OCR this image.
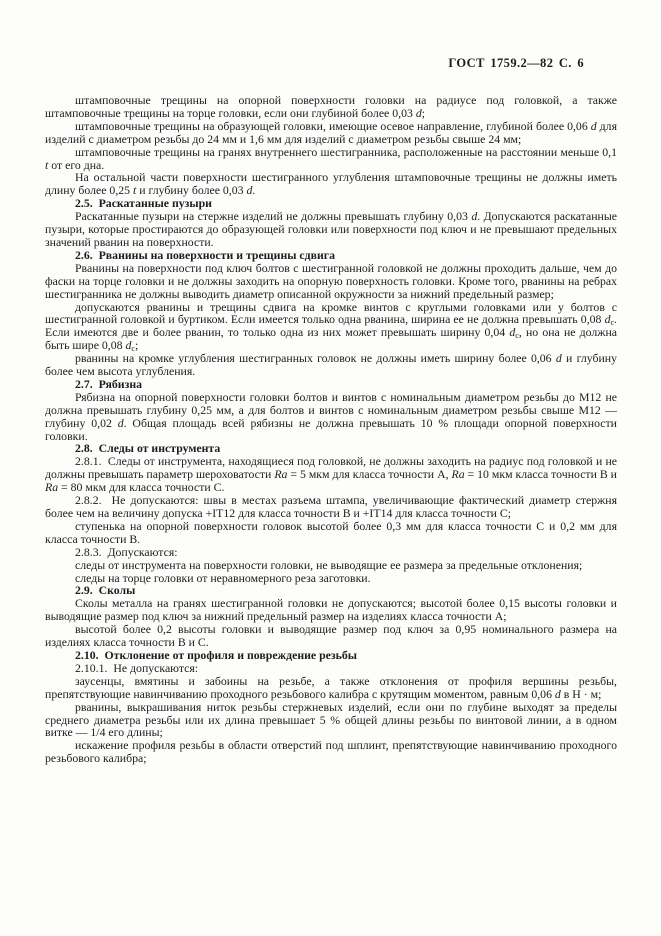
ГОСТ 1759.2—82 С. 6

штамповочные трещины на опорной поверхности головки на радиусе под головкой, а также штамповочные трещины на торце головки, если они глубиной более 0,03 d;

штамповочные трещины на образующей головки, имеющие осевое направление, глубиной более 0,06 d для изделий с диаметром резьбы до 24 мм и 1,6 мм для изделий с диаметром резьбы свыше 24 мм;

штамповочные трещины на гранях внутреннего шестигранника, расположенные на расстоянии меньше 0,1 t от его дна.

На остальной части поверхности шестигранного углубления штамповочные трещины не должны иметь длину более 0,25 t и глубину более 0,03 d.

2.5.  Раскатанные пузыри

Раскатанные пузыри на стержне изделий не должны превышать глубину 0,03 d. Допускаются раскатанные пузыри, которые простираются до образующей головки или поверхности под ключ и не превышают предельных значений рванин на поверхности.

2.6.  Рванины на поверхности и трещины сдвига

Рванины на поверхности под ключ болтов с шестигранной головкой не должны проходить дальше, чем до фаски на торце головки и не должны заходить на опорную поверхность головки. Кроме того, рванины на ребрах шестигранника не должны выводить диаметр описанной окружности за нижний предельный размер;

допускаются рванины и трещины сдвига на кромке винтов с круглыми головками или у болтов с шестигранной головкой и буртиком. Если имеется только одна рванина, ширина ее не должна превышать 0,08 $d_с$. Если имеются две и более рванин, то только одна из них может превышать ширину 0,04 $d_с$, но она не должна быть шире 0,08 $d_с$;

рванины на кромке углубления шестигранных головок не должны иметь ширину более 0,06 d и глубину более чем высота углубления.

2.7.  Рябизна

Рябизна на опорной поверхности головки болтов и винтов с номинальным диаметром резьбы до М12 не должна превышать глубину 0,25 мм, а для болтов и винтов с номинальным диаметром резьбы свыше М12 — глубину 0,02 d. Общая площадь всей рябизны не должна превышать 10 % площади опорной поверхности головки.

2.8.  Следы от инструмента

2.8.1.  Следы от инструмента, находящиеся под головкой, не должны заходить на радиус под головкой и не должны превышать параметр шероховатости Ra = 5 мкм для класса точности А, Ra = 10 мкм класса точности В и Ra = 80 мкм для класса точности С.

2.8.2.  Не допускаются: швы в местах разъема штампа, увеличивающие фактический диаметр стержня более чем на величину допуска +IT12 для класса точности В и +IT14 для класса точности С;

ступенька на опорной поверхности головок высотой более 0,3 мм для класса точности С и 0,2 мм для класса точности В.

2.8.3.  Допускаются:

следы от инструмента на поверхности головки, не выводящие ее размера за предельные отклонения;

следы на торце головки от неравномерного реза заготовки.

2.9.  Сколы

Сколы металла на гранях шестигранной головки не допускаются; высотой более 0,15 высоты головки и выводящие размер под ключ за нижний предельный размер на изделиях класса точности А;

высотой более 0,2 высоты головки и выводящие размер под ключ за 0,95 номинального размера на изделиях класса точности В и С.

2.10.  Отклонение от профиля и повреждение резьбы

2.10.1.  Не допускаются:

заусенцы, вмятины и забоины на резьбе, а также отклонения от профиля вершины резьбы, препятствующие навинчиванию проходного резьбового калибра с крутящим моментом, равным 0,06 d в Н · м;

рванины, выкрашивания ниток резьбы стержневых изделий, если они по глубине выходят за пределы среднего диаметра резьбы или их длина превышает 5 % общей длины резьбы по винтовой линии, а в одном витке — 1/4 его длины;

искажение профиля резьбы в области отверстий под шплинт, препятствующие навинчиванию проходного резьбового калибра;
